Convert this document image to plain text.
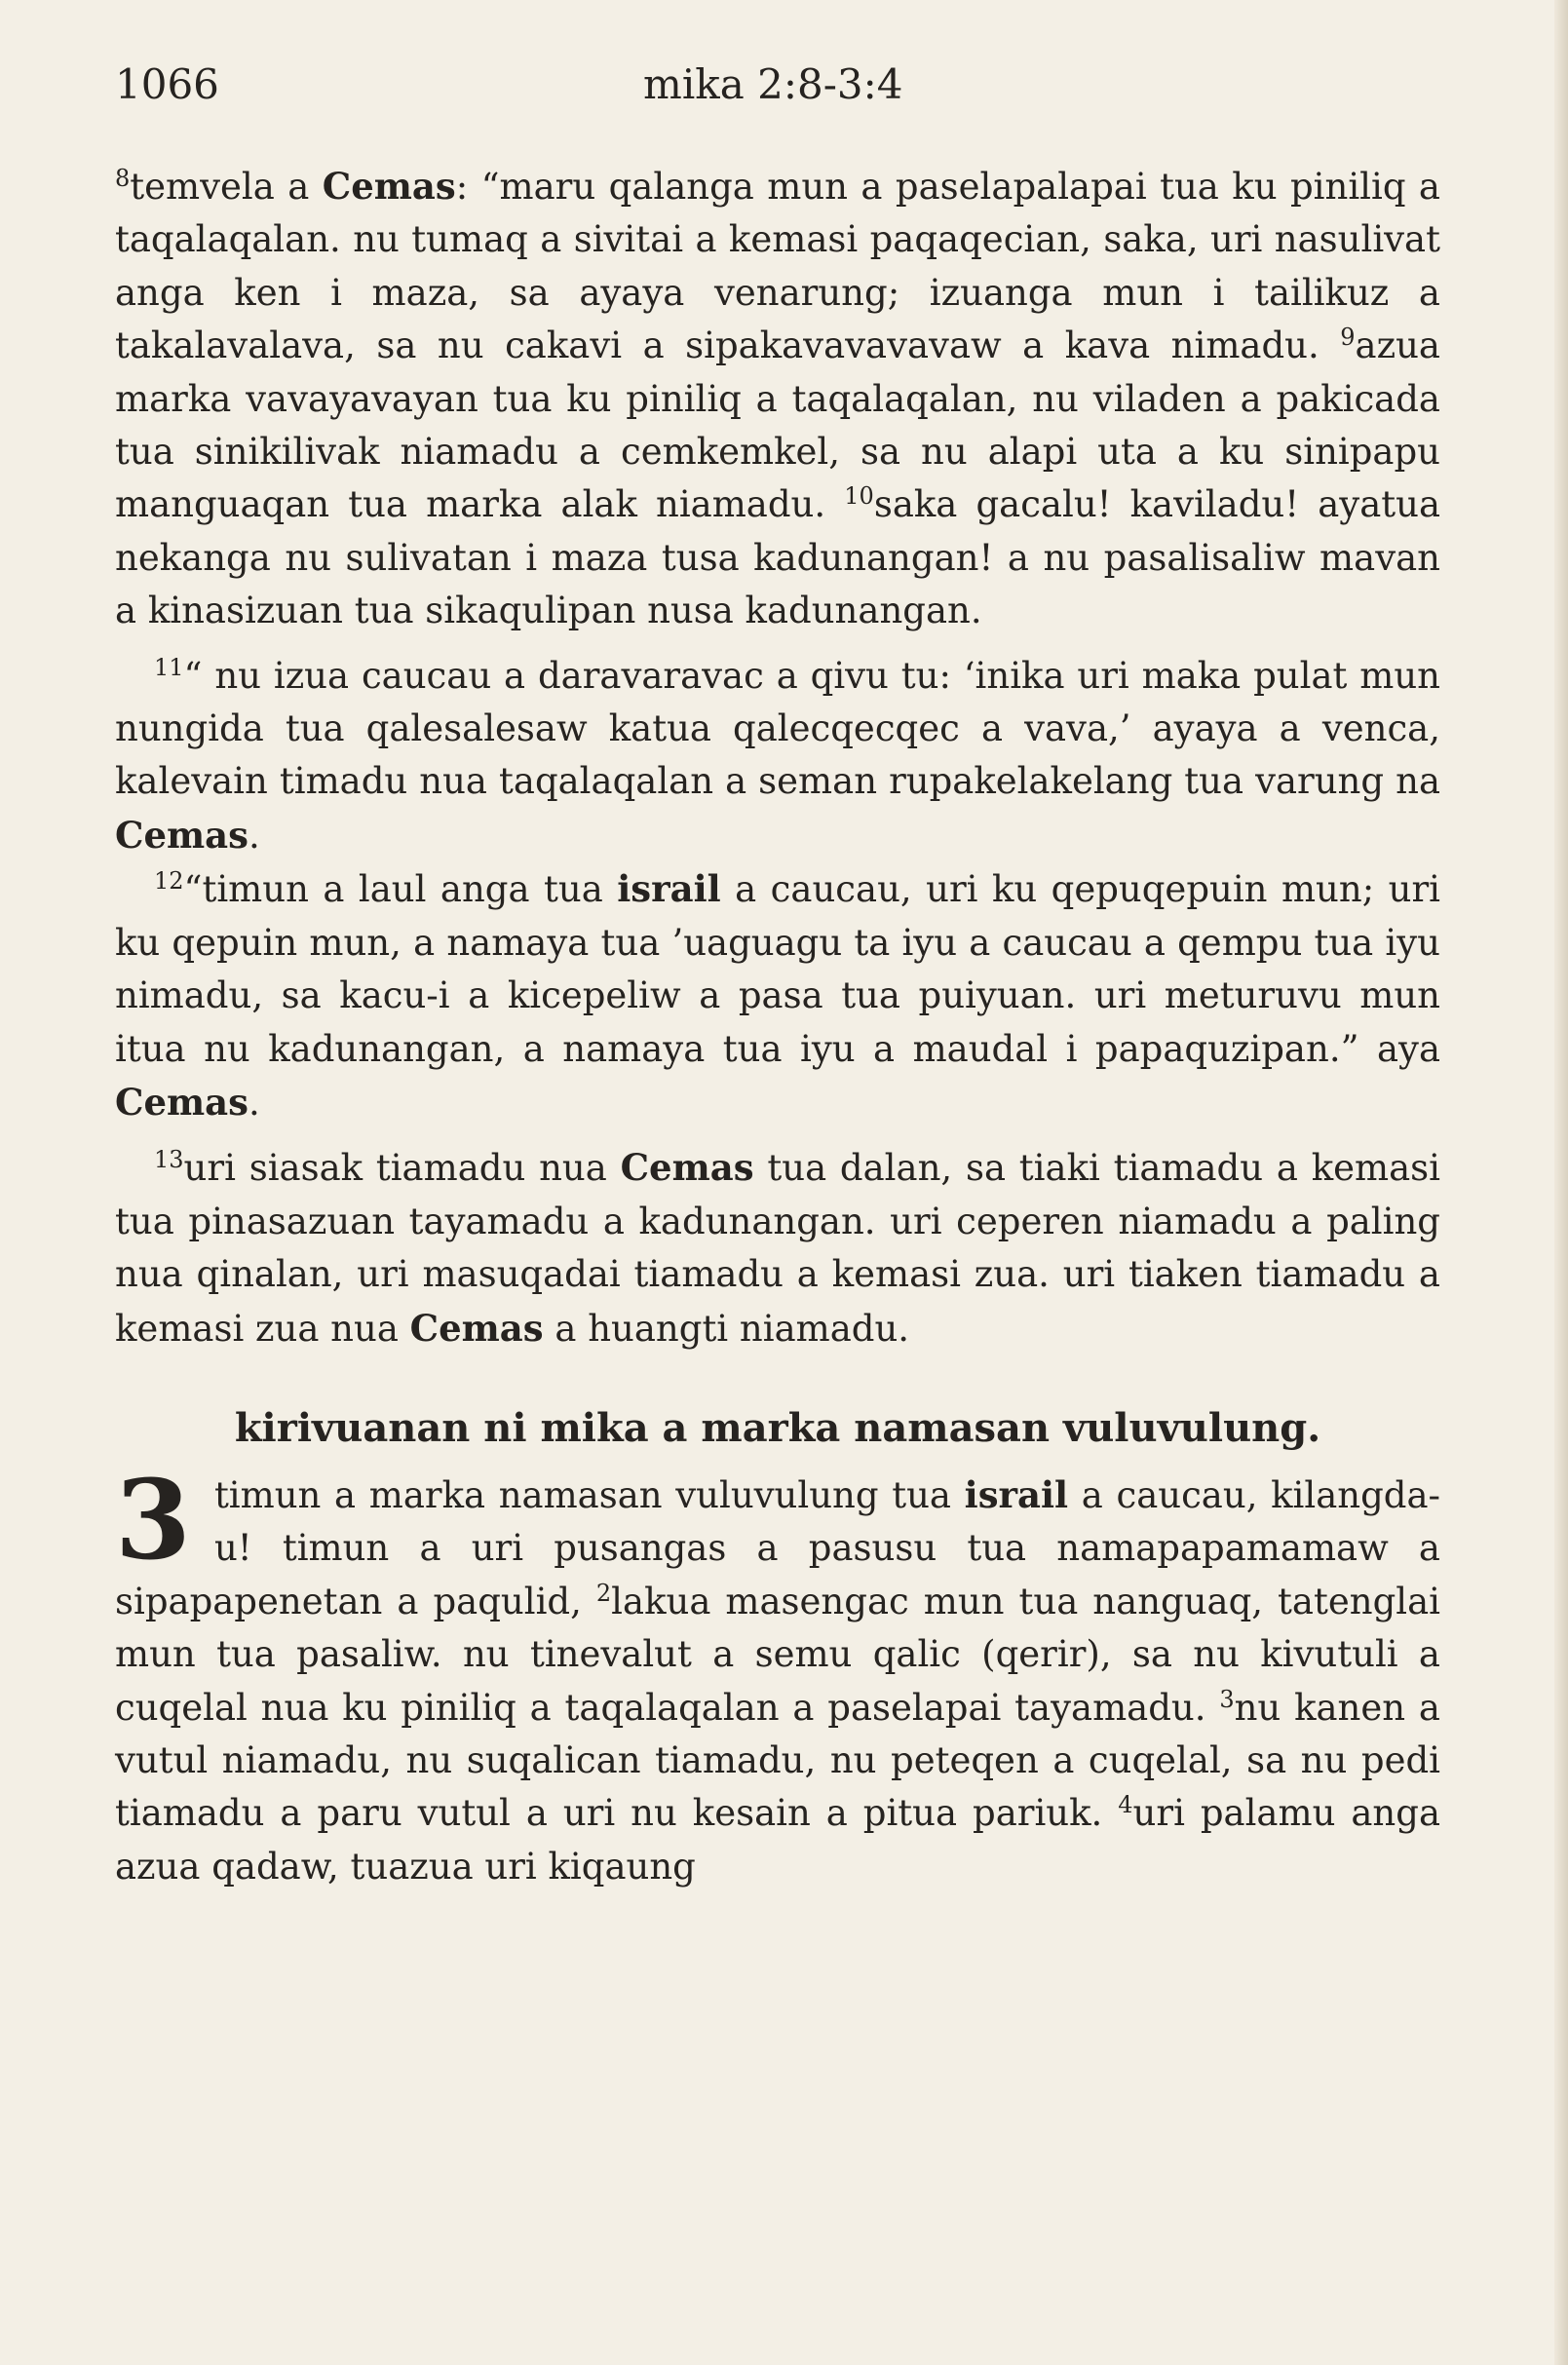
1066	mika 2:8-3:4

$^8$temvela a Cemas: “maru qalanga mun a paselapalapai tua ku piniliq a taqalaqalan. nu tumaq a sivitai a kemasi paqaqecian, saka, uri nasulivat anga ken i maza, sa ayaya venarung; izuanga mun i tailikuz a takalavalava, sa nu cakavi a sipakavavavavaw a kava nimadu. $^9$azua marka vavayavayan tua ku piniliq a taqalaqalan, nu viladen a pakicada tua sinikilivak niamadu a cemkemkel, sa nu alapi uta a ku sinipapu manguaqan tua marka alak niamadu. $^{10}$saka gacalu! kaviladu! ayatua nekanga nu sulivatan i maza tusa kadunangan! a nu pasalisaliw mavan a kinasizuan tua sikaqulipan nusa kadunangan.

$^{11}$“ nu izua caucau a daravaravac a qivu tu: ‘inika uri maka pulat mun nungida tua qalesalesaw katua qalecqecqec a vava,’ ayaya a venca, kalevain timadu nua taqalaqalan a seman rupakelakelang tua varung na Cemas.

$^{12}$“timun a laul anga tua israil a caucau, uri ku qepuqepuin mun; uri ku qepuin mun, a namaya tua ’uaguagu ta iyu a caucau a qempu tua iyu nimadu, sa kacu-i a kicepeliw a pasa tua puiyuan. uri meturuvu mun itua nu kadunangan, a namaya tua iyu a maudal i papaquzipan.” aya Cemas.

$^{13}$uri siasak tiamadu nua Cemas tua dalan, sa tiaki tiamadu a kemasi tua pinasazuan tayamadu a kadunangan. uri ceperen niamadu a paling nua qinalan, uri masuqadai tiamadu a kemasi zua. uri tiaken tiamadu a kemasi zua nua Cemas a huangti niamadu.

kirivuanan ni mika a marka namasan vuluvulung.

3 timun a marka namasan vuluvulung tua israil a caucau, kilangda-u! timun a uri pusangas a pasusu tua namapapamamaw a sipapapenetan a paqulid, $^2$lakua masengac mun tua nanguaq, tatenglai mun tua pasaliw. nu tinevalut a semu qalic (qerir), sa nu kivutuli a cuqelal nua ku piniliq a taqalaqalan a paselapai tayamadu. $^3$nu kanen a vutul niamadu, nu suqalican tiamadu, nu peteqen a cuqelal, sa nu pedi tiamadu a paru vutul a uri nu kesain a pitua pariuk. $^4$uri palamu anga azua qadaw, tuazua uri kiqaung
